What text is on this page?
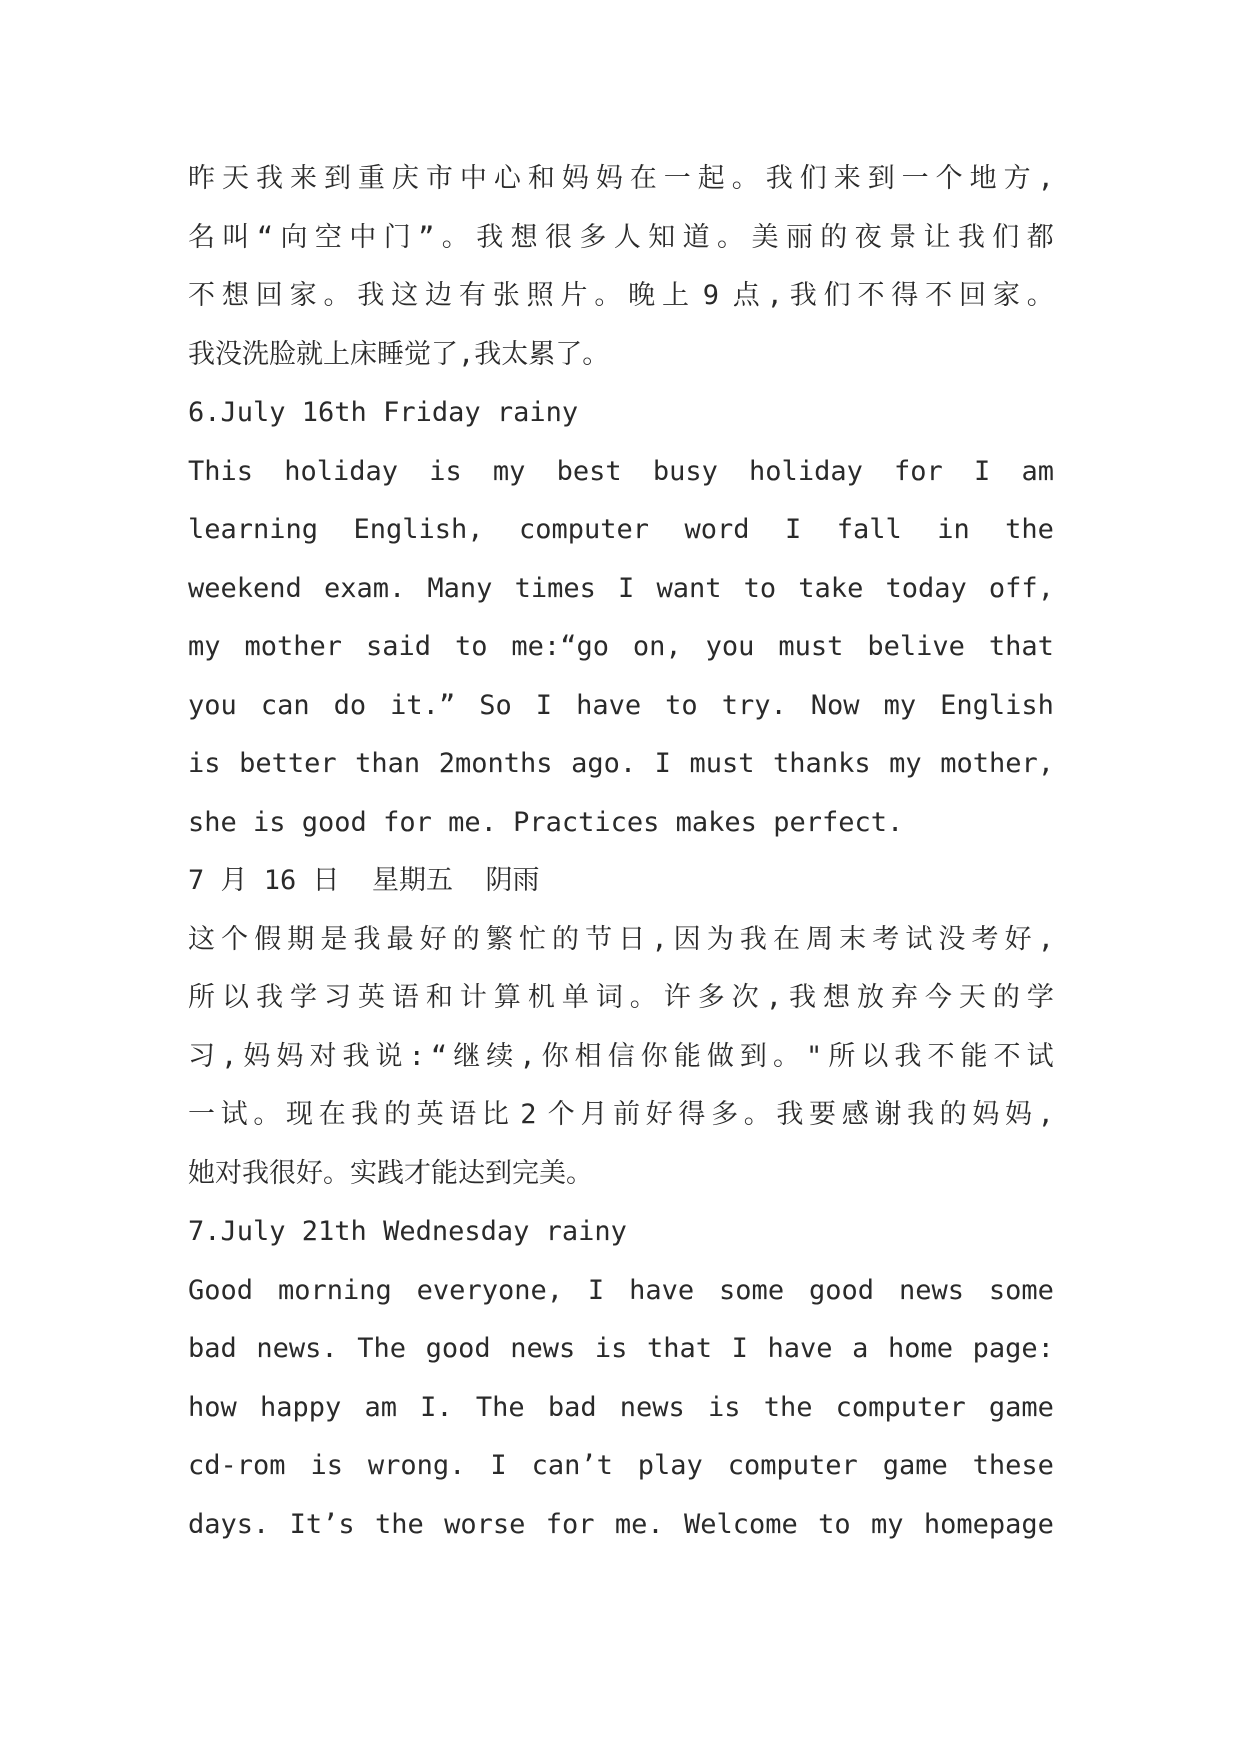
昨 天 我 来 到 重 庆 市 中 心 和 妈 妈 在 一 起 。 我 们 来 到 一 个 地 方 ,
名 叫 “ 向 空 中 门 ” 。 我 想 很 多 人 知 道 。 美 丽 的 夜 景 让 我 们 都
不 想 回 家 。 我 这 边 有 张 照 片 。 晚 上 9 点 , 我 们 不 得 不 回 家 。
我没洗脸就上床睡觉了,我太累了。
6.July 16th Friday rainy
This holiday is my best busy holiday for I am
learning English, computer word I fall in the
weekend exam. Many times I want to take today off,
my mother said to me:“go on, you must belive that
you can do it.” So I have to try. Now my English
is better than 2months ago. I must thanks my mother,
she is good for me. Practices makes perfect.
7 月 16 日  星期五  阴雨
这 个 假 期 是 我 最 好 的 繁 忙 的 节 日 , 因 为 我 在 周 末 考 试 没 考 好 ,
所 以 我 学 习 英 语 和 计 算 机 单 词 。 许 多 次 , 我 想 放 弃 今 天 的 学
习 , 妈 妈 对 我 说 : “ 继 续 , 你 相 信 你 能 做 到 。 " 所 以 我 不 能 不 试
一 试 。 现 在 我 的 英 语 比 2 个 月 前 好 得 多 。 我 要 感 谢 我 的 妈 妈 ,
她对我很好。实践才能达到完美。
7.July 21th Wednesday rainy
Good morning everyone, I have some good news some
bad news. The good news is that I have a home page:
how happy am I. The bad news is the computer game
cd-rom is wrong. I can’t play computer game these
days. It’s the worse for me. Welcome to my homepage
